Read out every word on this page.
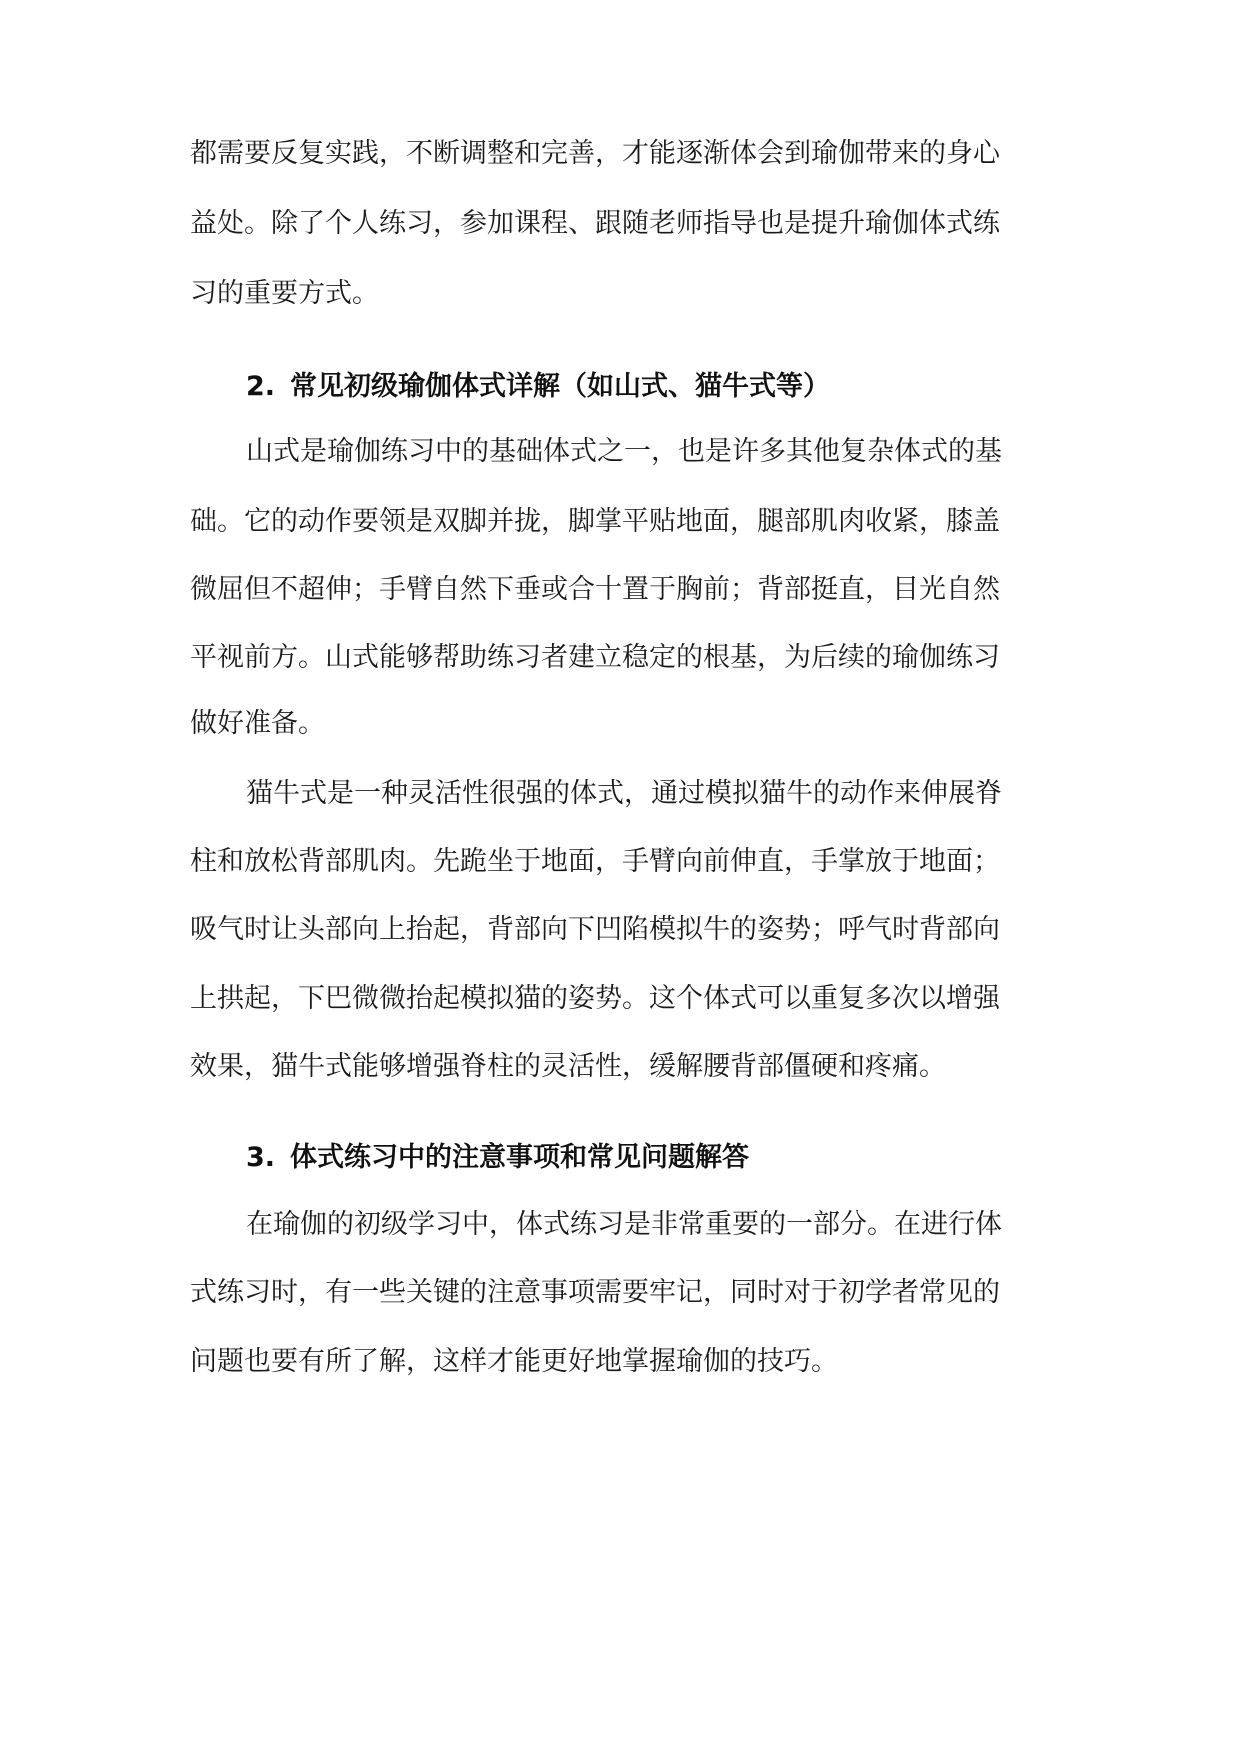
都需要反复实践，不断调整和完善，才能逐渐体会到瑜伽带来的身心

益处。除了个人练习，参加课程、跟随老师指导也是提升瑜伽体式练

习的重要方式。

2. 常见初级瑜伽体式详解（如山式、猫牛式等）

山式是瑜伽练习中的基础体式之一，也是许多其他复杂体式的基

础。它的动作要领是双脚并拢，脚掌平贴地面，腿部肌肉收紧，膝盖

微屈但不超伸；手臂自然下垂或合十置于胸前；背部挺直，目光自然

平视前方。山式能够帮助练习者建立稳定的根基，为后续的瑜伽练习

做好准备。

猫牛式是一种灵活性很强的体式，通过模拟猫牛的动作来伸展脊

柱和放松背部肌肉。先跪坐于地面，手臂向前伸直，手掌放于地面；

吸气时让头部向上抬起，背部向下凹陷模拟牛的姿势；呼气时背部向

上拱起，下巴微微抬起模拟猫的姿势。这个体式可以重复多次以增强

效果，猫牛式能够增强脊柱的灵活性，缓解腰背部僵硬和疼痛。

3. 体式练习中的注意事项和常见问题解答

在瑜伽的初级学习中，体式练习是非常重要的一部分。在进行体

式练习时，有一些关键的注意事项需要牢记，同时对于初学者常见的

问题也要有所了解，这样才能更好地掌握瑜伽的技巧。
